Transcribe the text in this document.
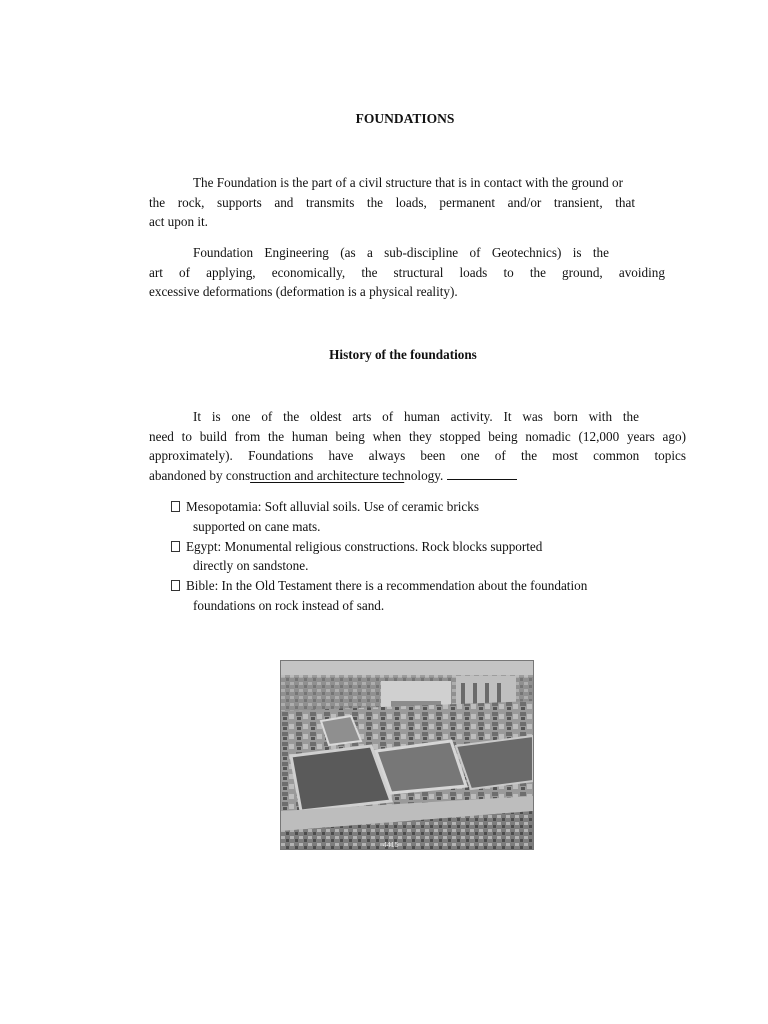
FOUNDATIONS

The Foundation is the part of a civil structure that is in contact with the ground or
the rock, supports and transmits the loads, permanent and/or transient, that
act upon it.

Foundation Engineering (as a sub-discipline of Geotechnics) is the
art of applying, economically, the structural loads to the ground, avoiding
excessive deformations (deformation is a physical reality).

History of the foundations

It is one of the oldest arts of human activity. It was born with the
need to build from the human being when they stopped being nomadic (12,000 years ago)
approximately). Foundations have always been one of the most common topics
abandoned by construction and architecture technology.

Mesopotamia: Soft alluvial soils. Use of ceramic bricks
supported on cane mats.
Egypt: Monumental religious constructions. Rock blocks supported
directly on sandstone.
Bible: In the Old Testament there is a recommendation about the foundation
foundations on rock instead of sand.
4415
